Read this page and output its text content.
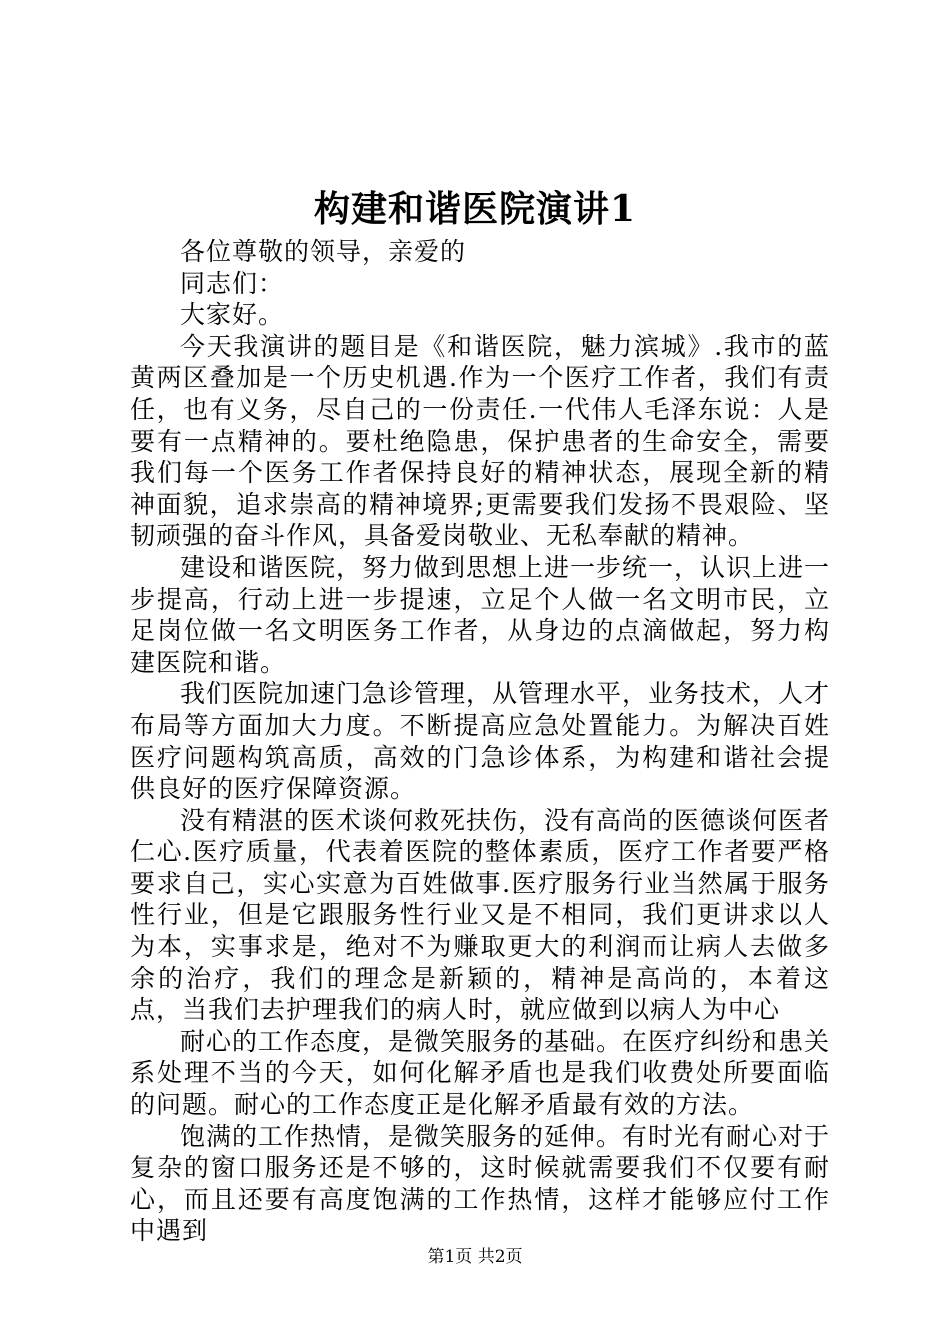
构建和谐医院演讲1

各位尊敬的领导，亲爱的

同志们：

大家好。

今天我演讲的题目是《和谐医院，魅力滨城》.我市的蓝黄两区叠加是一个历史机遇.作为一个医疗工作者，我们有责任，也有义务，尽自己的一份责任.一代伟人毛泽东说：人是要有一点精神的。要杜绝隐患，保护患者的生命安全，需要我们每一个医务工作者保持良好的精神状态，展现全新的精神面貌，追求崇高的精神境界;更需要我们发扬不畏艰险、坚韧顽强的奋斗作风，具备爱岗敬业、无私奉献的精神。

建设和谐医院，努力做到思想上进一步统一，认识上进一步提高，行动上进一步提速，立足个人做一名文明市民，立足岗位做一名文明医务工作者，从身边的点滴做起，努力构建医院和谐。

我们医院加速门急诊管理，从管理水平，业务技术，人才布局等方面加大力度。不断提高应急处置能力。为解决百姓医疗问题构筑高质，高效的门急诊体系，为构建和谐社会提供良好的医疗保障资源。

没有精湛的医术谈何救死扶伤，没有高尚的医德谈何医者仁心.医疗质量，代表着医院的整体素质，医疗工作者要严格要求自己，实心实意为百姓做事.医疗服务行业当然属于服务性行业，但是它跟服务性行业又是不相同，我们更讲求以人为本，实事求是，绝对不为赚取更大的利润而让病人去做多余的治疗，我们的理念是新颖的，精神是高尚的，本着这点，当我们去护理我们的病人时，就应做到以病人为中心

耐心的工作态度，是微笑服务的基础。在医疗纠纷和患关系处理不当的今天，如何化解矛盾也是我们收费处所要面临的问题。耐心的工作态度正是化解矛盾最有效的方法。

饱满的工作热情，是微笑服务的延伸。有时光有耐心对于复杂的窗口服务还是不够的，这时候就需要我们不仅要有耐心，而且还要有高度饱满的工作热情，这样才能够应付工作中遇到

第1页 共2页
